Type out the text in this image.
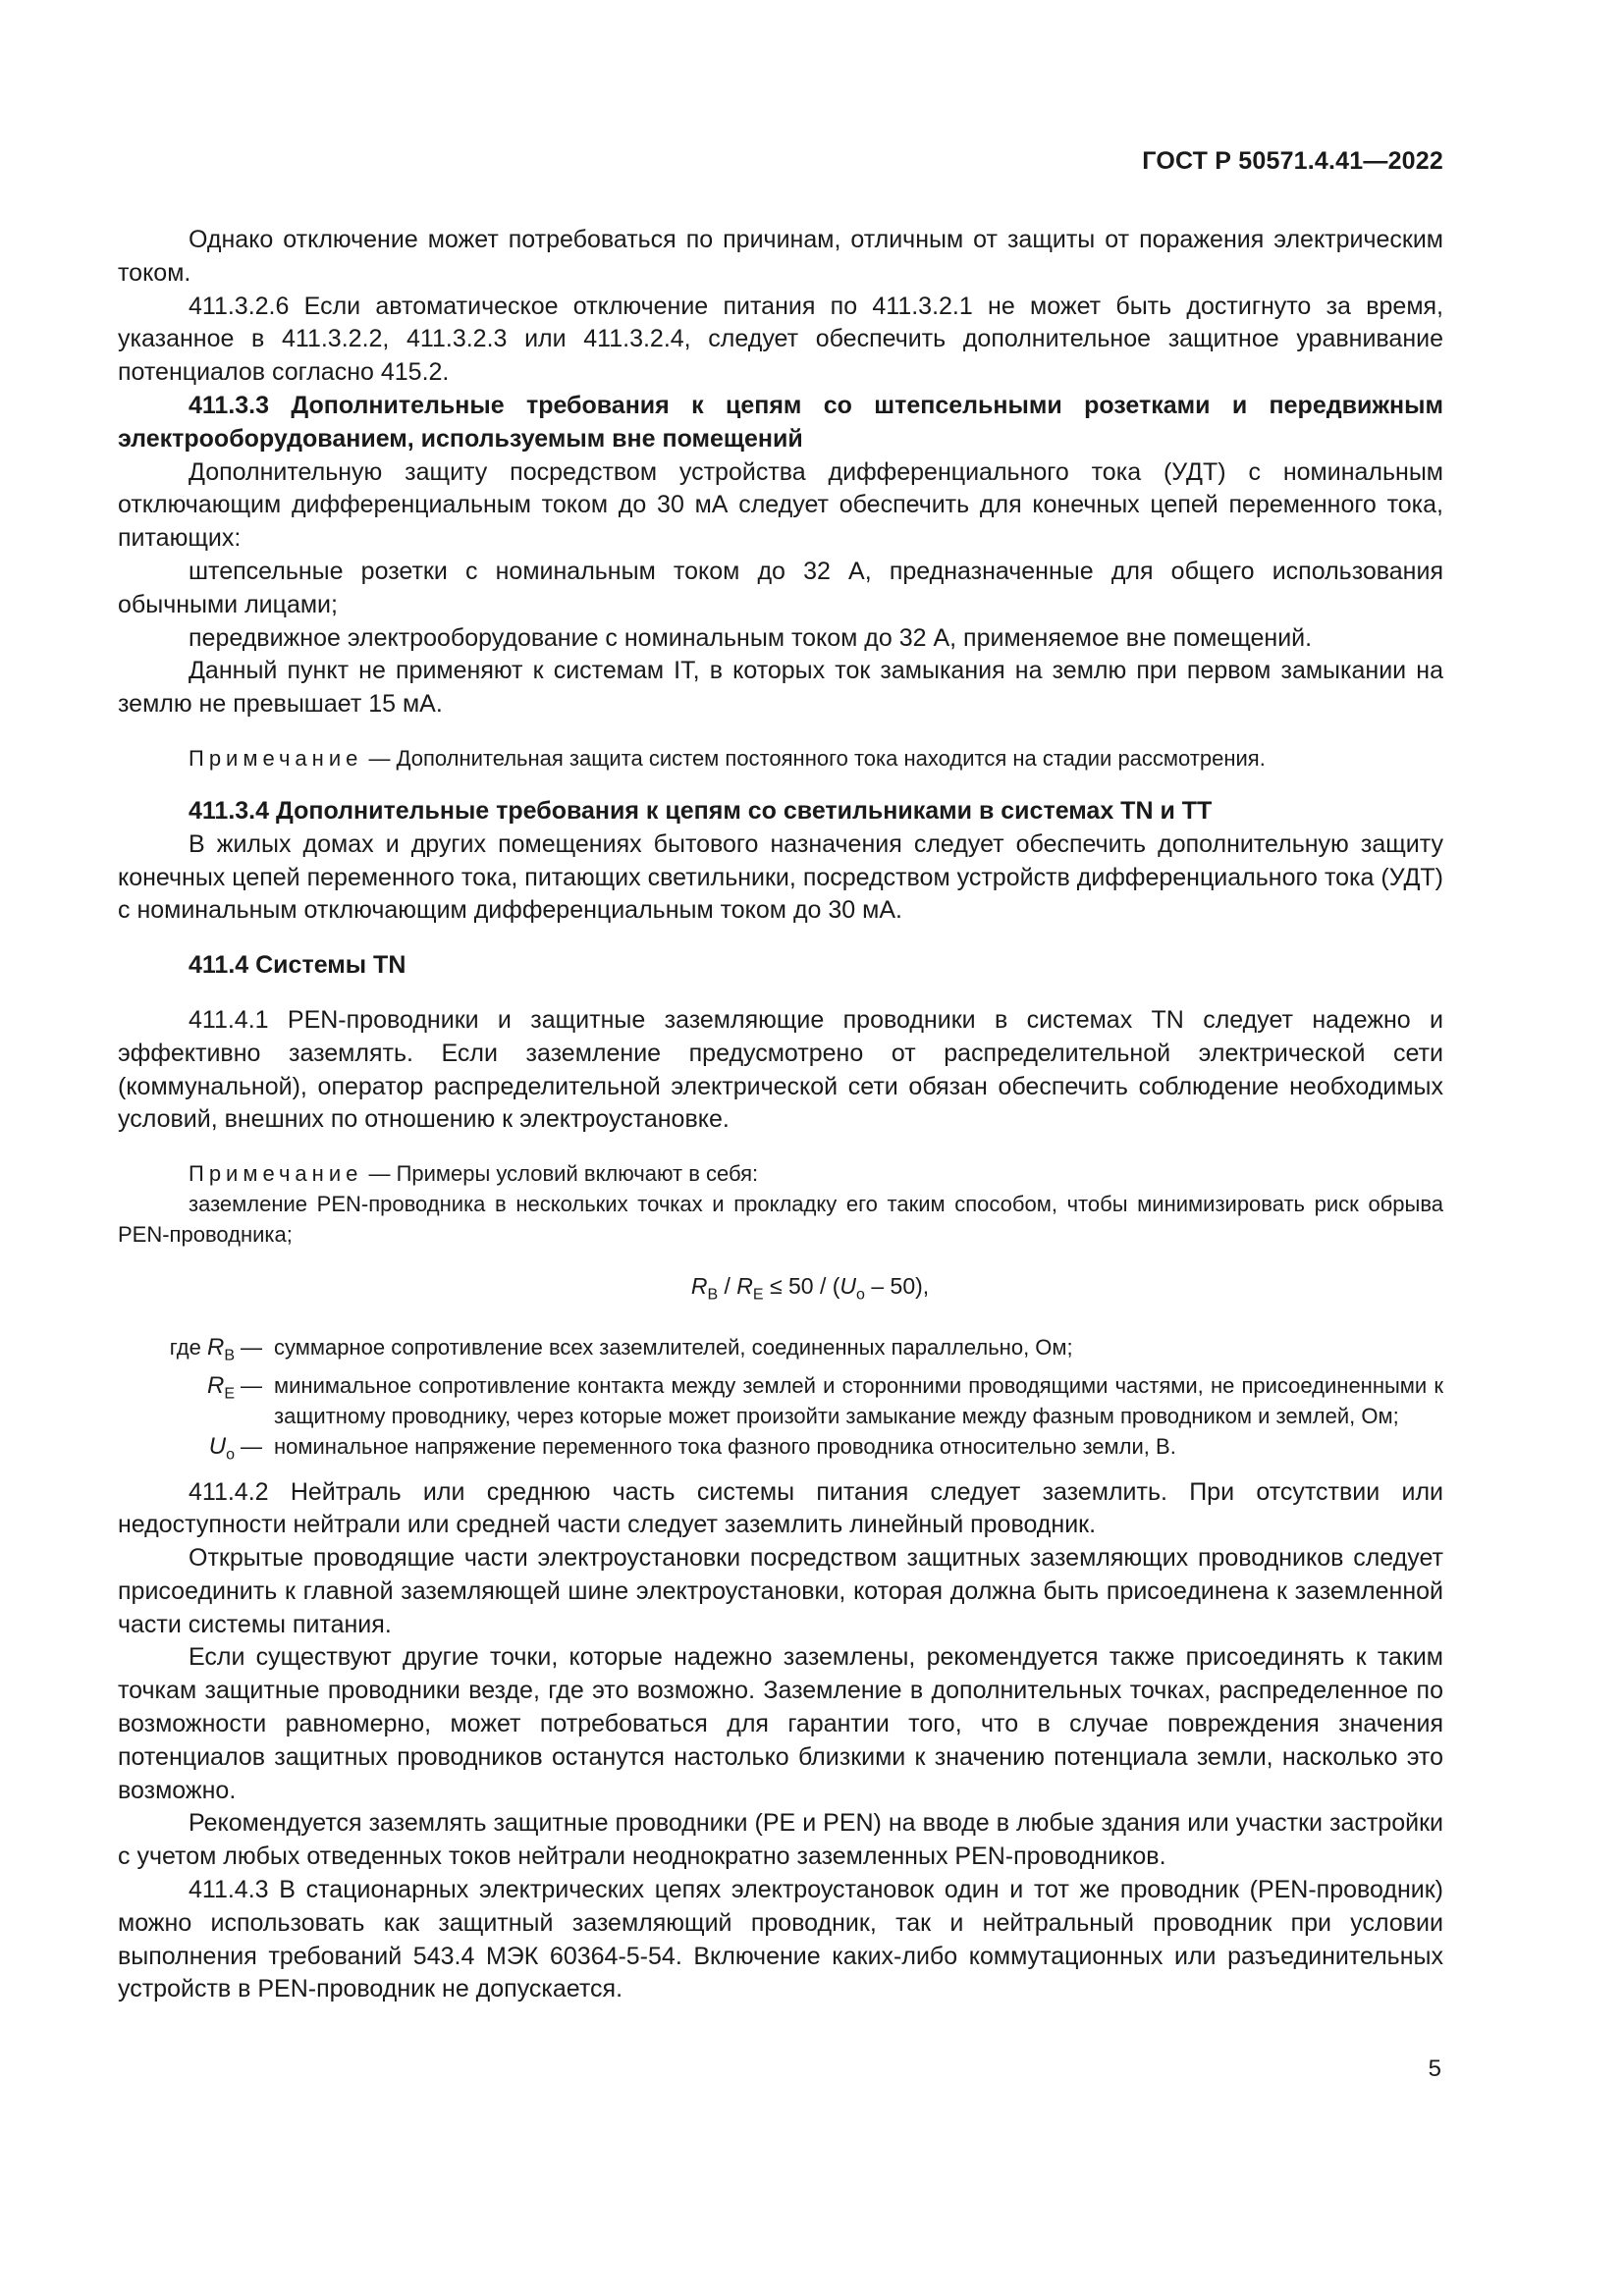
ГОСТ Р 50571.4.41—2022

Однако отключение может потребоваться по причинам, отличным от защиты от поражения электрическим током.

411.3.2.6 Если автоматическое отключение питания по 411.3.2.1 не может быть достигнуто за время, указанное в 411.3.2.2, 411.3.2.3 или 411.3.2.4, следует обеспечить дополнительное защитное уравнивание потенциалов согласно 415.2.

411.3.3 Дополнительные требования к цепям со штепсельными розетками и передвижным электрооборудованием, используемым вне помещений

Дополнительную защиту посредством устройства дифференциального тока (УДТ) с номинальным отключающим дифференциальным током до 30 мА следует обеспечить для конечных цепей переменного тока, питающих:

штепсельные розетки с номинальным током до 32 А, предназначенные для общего использования обычными лицами;

передвижное электрооборудование с номинальным током до 32 А, применяемое вне помещений.

Данный пункт не применяют к системам IT, в которых ток замыкания на землю при первом замыкании на землю не превышает 15 мА.

Примечание — Дополнительная защита систем постоянного тока находится на стадии рассмотрения.

411.3.4 Дополнительные требования к цепям со светильниками в системах TN и TT

В жилых домах и других помещениях бытового назначения следует обеспечить дополнительную защиту конечных цепей переменного тока, питающих светильники, посредством устройств дифференциального тока (УДТ) с номинальным отключающим дифференциальным током до 30 мА.

411.4 Системы TN

411.4.1 PEN-проводники и защитные заземляющие проводники в системах TN следует надежно и эффективно заземлять. Если заземление предусмотрено от распределительной электрической сети (коммунальной), оператор распределительной электрической сети обязан обеспечить соблюдение необходимых условий, внешних по отношению к электроустановке.

Примечание — Примеры условий включают в себя:

заземление PEN-проводника в нескольких точках и прокладку его таким способом, чтобы минимизировать риск обрыва PEN-проводника;

$R_B / R_E \le 50 / (U_o - 50)$,
где $R_B$ — суммарное сопротивление всех заземлителей, соединенных параллельно, Ом;
$R_E$ — минимальное сопротивление контакта между землей и сторонними проводящими частями, не присоединенными к защитному проводнику, через которые может произойти замыкание между фазным проводником и землей, Ом;
$U_o$ — номинальное напряжение переменного тока фазного проводника относительно земли, В.

411.4.2 Нейтраль или среднюю часть системы питания следует заземлить. При отсутствии или недоступности нейтрали или средней части следует заземлить линейный проводник.

Открытые проводящие части электроустановки посредством защитных заземляющих проводников следует присоединить к главной заземляющей шине электроустановки, которая должна быть присоединена к заземленной части системы питания.

Если существуют другие точки, которые надежно заземлены, рекомендуется также присоединять к таким точкам защитные проводники везде, где это возможно. Заземление в дополнительных точках, распределенное по возможности равномерно, может потребоваться для гарантии того, что в случае повреждения значения потенциалов защитных проводников останутся настолько близкими к значению потенциала земли, насколько это возможно.

Рекомендуется заземлять защитные проводники (PE и PEN) на вводе в любые здания или участки застройки с учетом любых отведенных токов нейтрали неоднократно заземленных PEN-проводников.

411.4.3 В стационарных электрических цепях электроустановок один и тот же проводник (PEN-проводник) можно использовать как защитный заземляющий проводник, так и нейтральный проводник при условии выполнения требований 543.4 МЭК 60364-5-54. Включение каких-либо коммутационных или разъединительных устройств в PEN-проводник не допускается.

5
